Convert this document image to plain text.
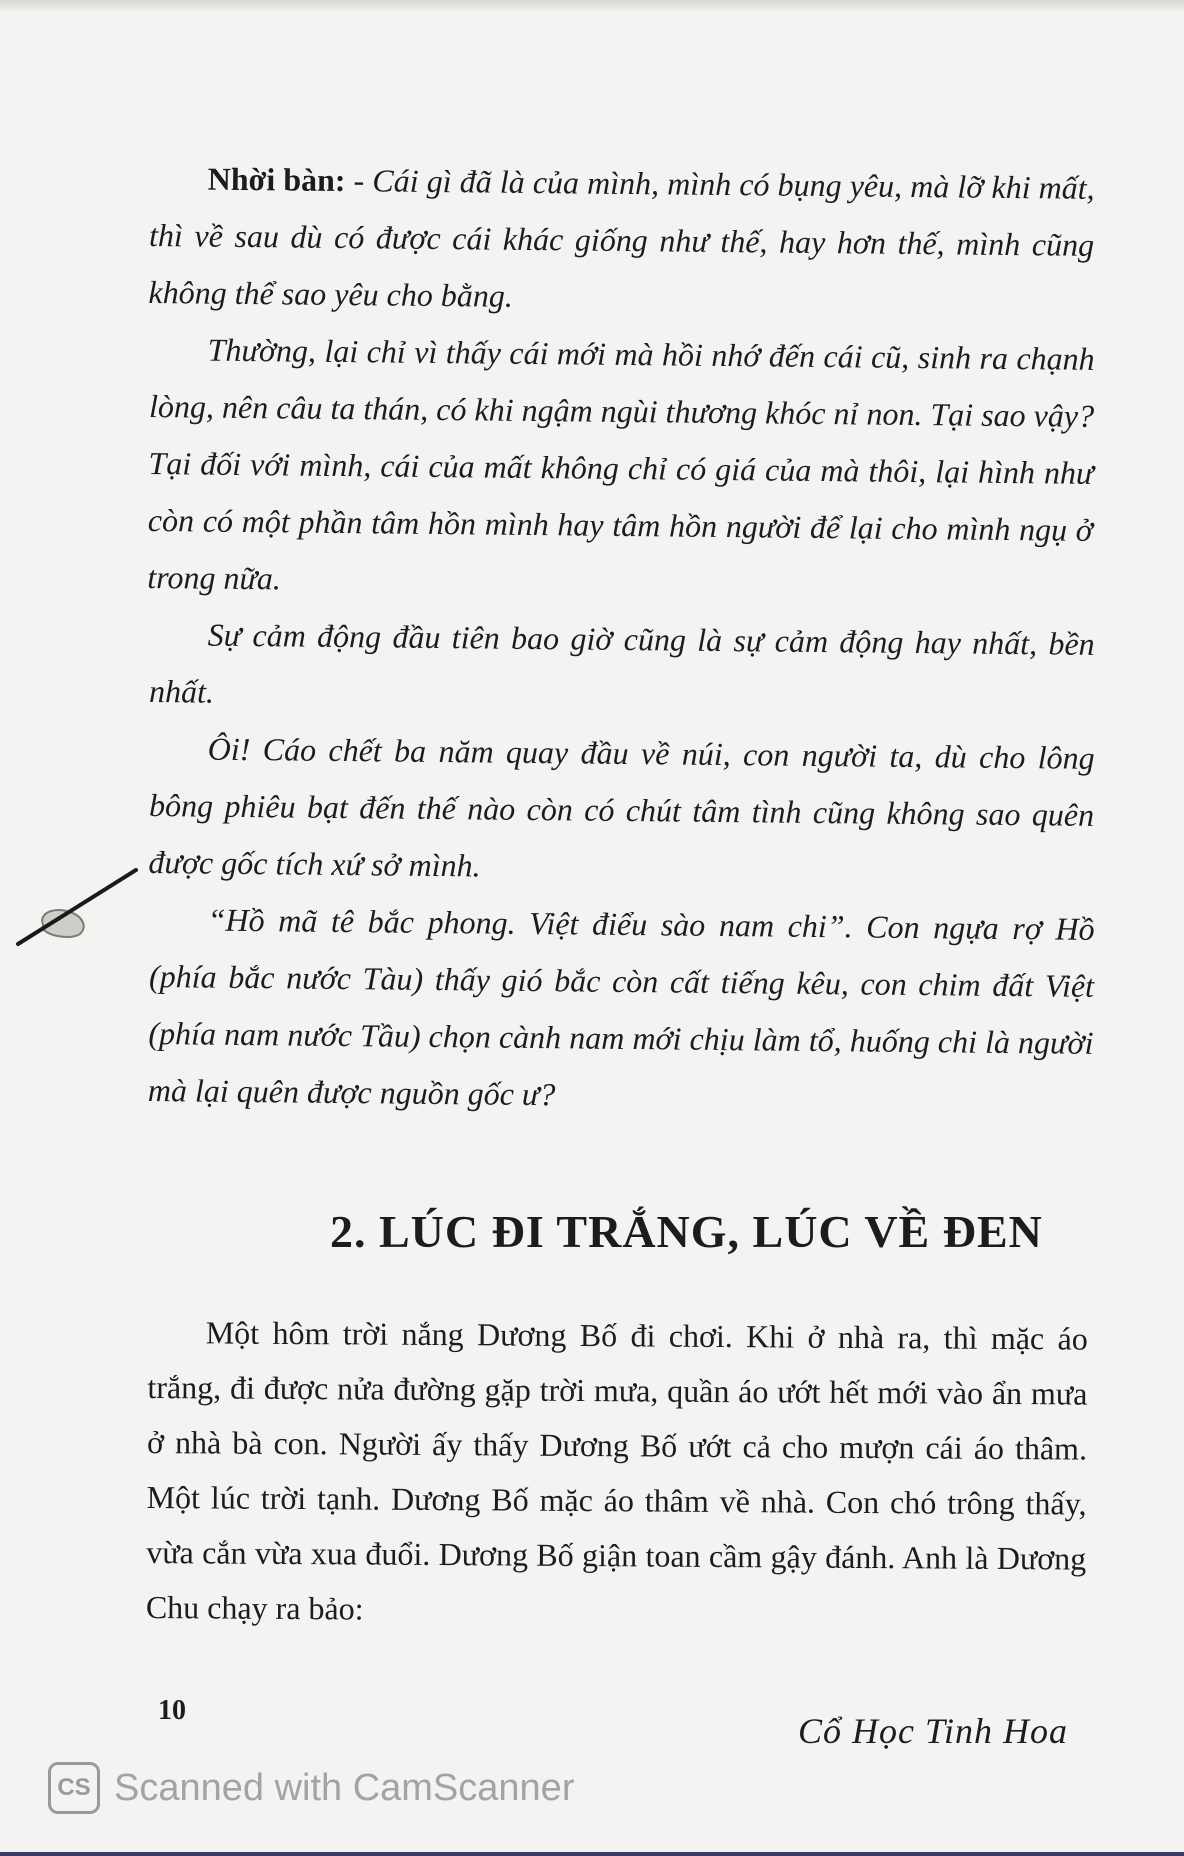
Nhời bàn: - Cái gì đã là của mình, mình có bụng yêu, mà lỡ khi mất, thì về sau dù có được cái khác giống như thế, hay hơn thế, mình cũng không thể sao yêu cho bằng.

Thường, lại chỉ vì thấy cái mới mà hồi nhớ đến cái cũ, sinh ra chạnh lòng, nên câu ta thán, có khi ngậm ngùi thương khóc nỉ non. Tại sao vậy? Tại đối với mình, cái của mất không chỉ có giá của mà thôi, lại hình như còn có một phần tâm hồn mình hay tâm hồn người để lại cho mình ngụ ở trong nữa.

Sự cảm động đầu tiên bao giờ cũng là sự cảm động hay nhất, bền nhất.

Ôi! Cáo chết ba năm quay đầu về núi, con người ta, dù cho lông bông phiêu bạt đến thế nào còn có chút tâm tình cũng không sao quên được gốc tích xứ sở mình.

“Hồ mã tê bắc phong. Việt điểu sào nam chi”. Con ngựa rợ Hồ (phía bắc nước Tàu) thấy gió bắc còn cất tiếng kêu, con chim đất Việt (phía nam nước Tầu) chọn cành nam mới chịu làm tổ, huống chi là người mà lại quên được nguồn gốc ư?

2. LÚC ĐI TRẮNG, LÚC VỀ ĐEN

Một hôm trời nắng Dương Bố đi chơi. Khi ở nhà ra, thì mặc áo trắng, đi được nửa đường gặp trời mưa, quần áo ướt hết mới vào ẩn mưa ở nhà bà con. Người ấy thấy Dương Bố ướt cả cho mượn cái áo thâm. Một lúc trời tạnh. Dương Bố mặc áo thâm về nhà. Con chó trông thấy, vừa cắn vừa xua đuổi. Dương Bố giận toan cầm gậy đánh. Anh là Dương Chu chạy ra bảo:

10

Cổ Học Tinh Hoa

CS Scanned with CamScanner
